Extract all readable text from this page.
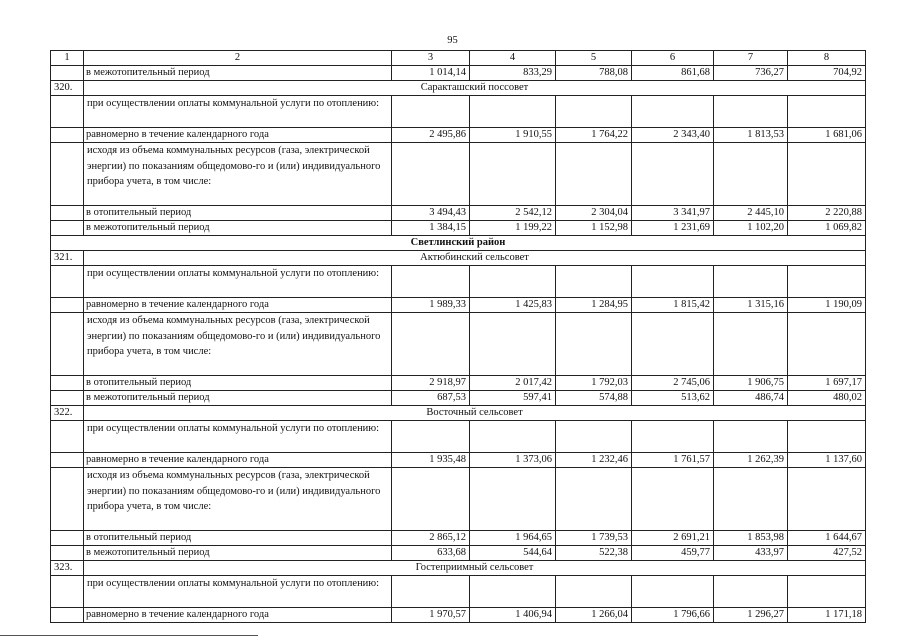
95
1	2	3	4	5	6	7	8
	в межотопительный период	1 014,14	833,29	788,08	861,68	736,27	704,92
320.	Саракташский поссовет						
	при осуществлении оплаты коммунальной услуги по отоплению:						
	равномерно в течение календарного года	2 495,86	1 910,55	1 764,22	2 343,40	1 813,53	1 681,06
	исходя из объема коммунальных ресурсов (газа, электрической энергии) по показаниям общедомово-го и (или) индивидуального прибора учета, в том числе:						
	в отопительный период	3 494,43	2 542,12	2 304,04	3 341,97	2 445,10	2 220,88
	в межотопительный период	1 384,15	1 199,22	1 152,98	1 231,69	1 102,20	1 069,82
Светлинский район							
321.	Актюбинский сельсовет						
	при осуществлении оплаты коммунальной услуги по отоплению:						
	равномерно в течение календарного года	1 989,33	1 425,83	1 284,95	1 815,42	1 315,16	1 190,09
	исходя из объема коммунальных ресурсов (газа, электрической энергии) по показаниям общедомово-го и (или) индивидуального прибора учета, в том числе:						
	в отопительный период	2 918,97	2 017,42	1 792,03	2 745,06	1 906,75	1 697,17
	в межотопительный период	687,53	597,41	574,88	513,62	486,74	480,02
322.	Восточный сельсовет						
	при осуществлении оплаты коммунальной услуги по отоплению:						
	равномерно в течение календарного года	1 935,48	1 373,06	1 232,46	1 761,57	1 262,39	1 137,60
	исходя из объема коммунальных ресурсов (газа, электрической энергии) по показаниям общедомово-го и (или) индивидуального прибора учета, в том числе:						
	в отопительный период	2 865,12	1 964,65	1 739,53	2 691,21	1 853,98	1 644,67
	в межотопительный период	633,68	544,64	522,38	459,77	433,97	427,52
323.	Гостеприимный сельсовет						
	при осуществлении оплаты коммунальной услуги по отоплению:						
	равномерно в течение календарного года	1 970,57	1 406,94	1 266,04	1 796,66	1 296,27	1 171,18
